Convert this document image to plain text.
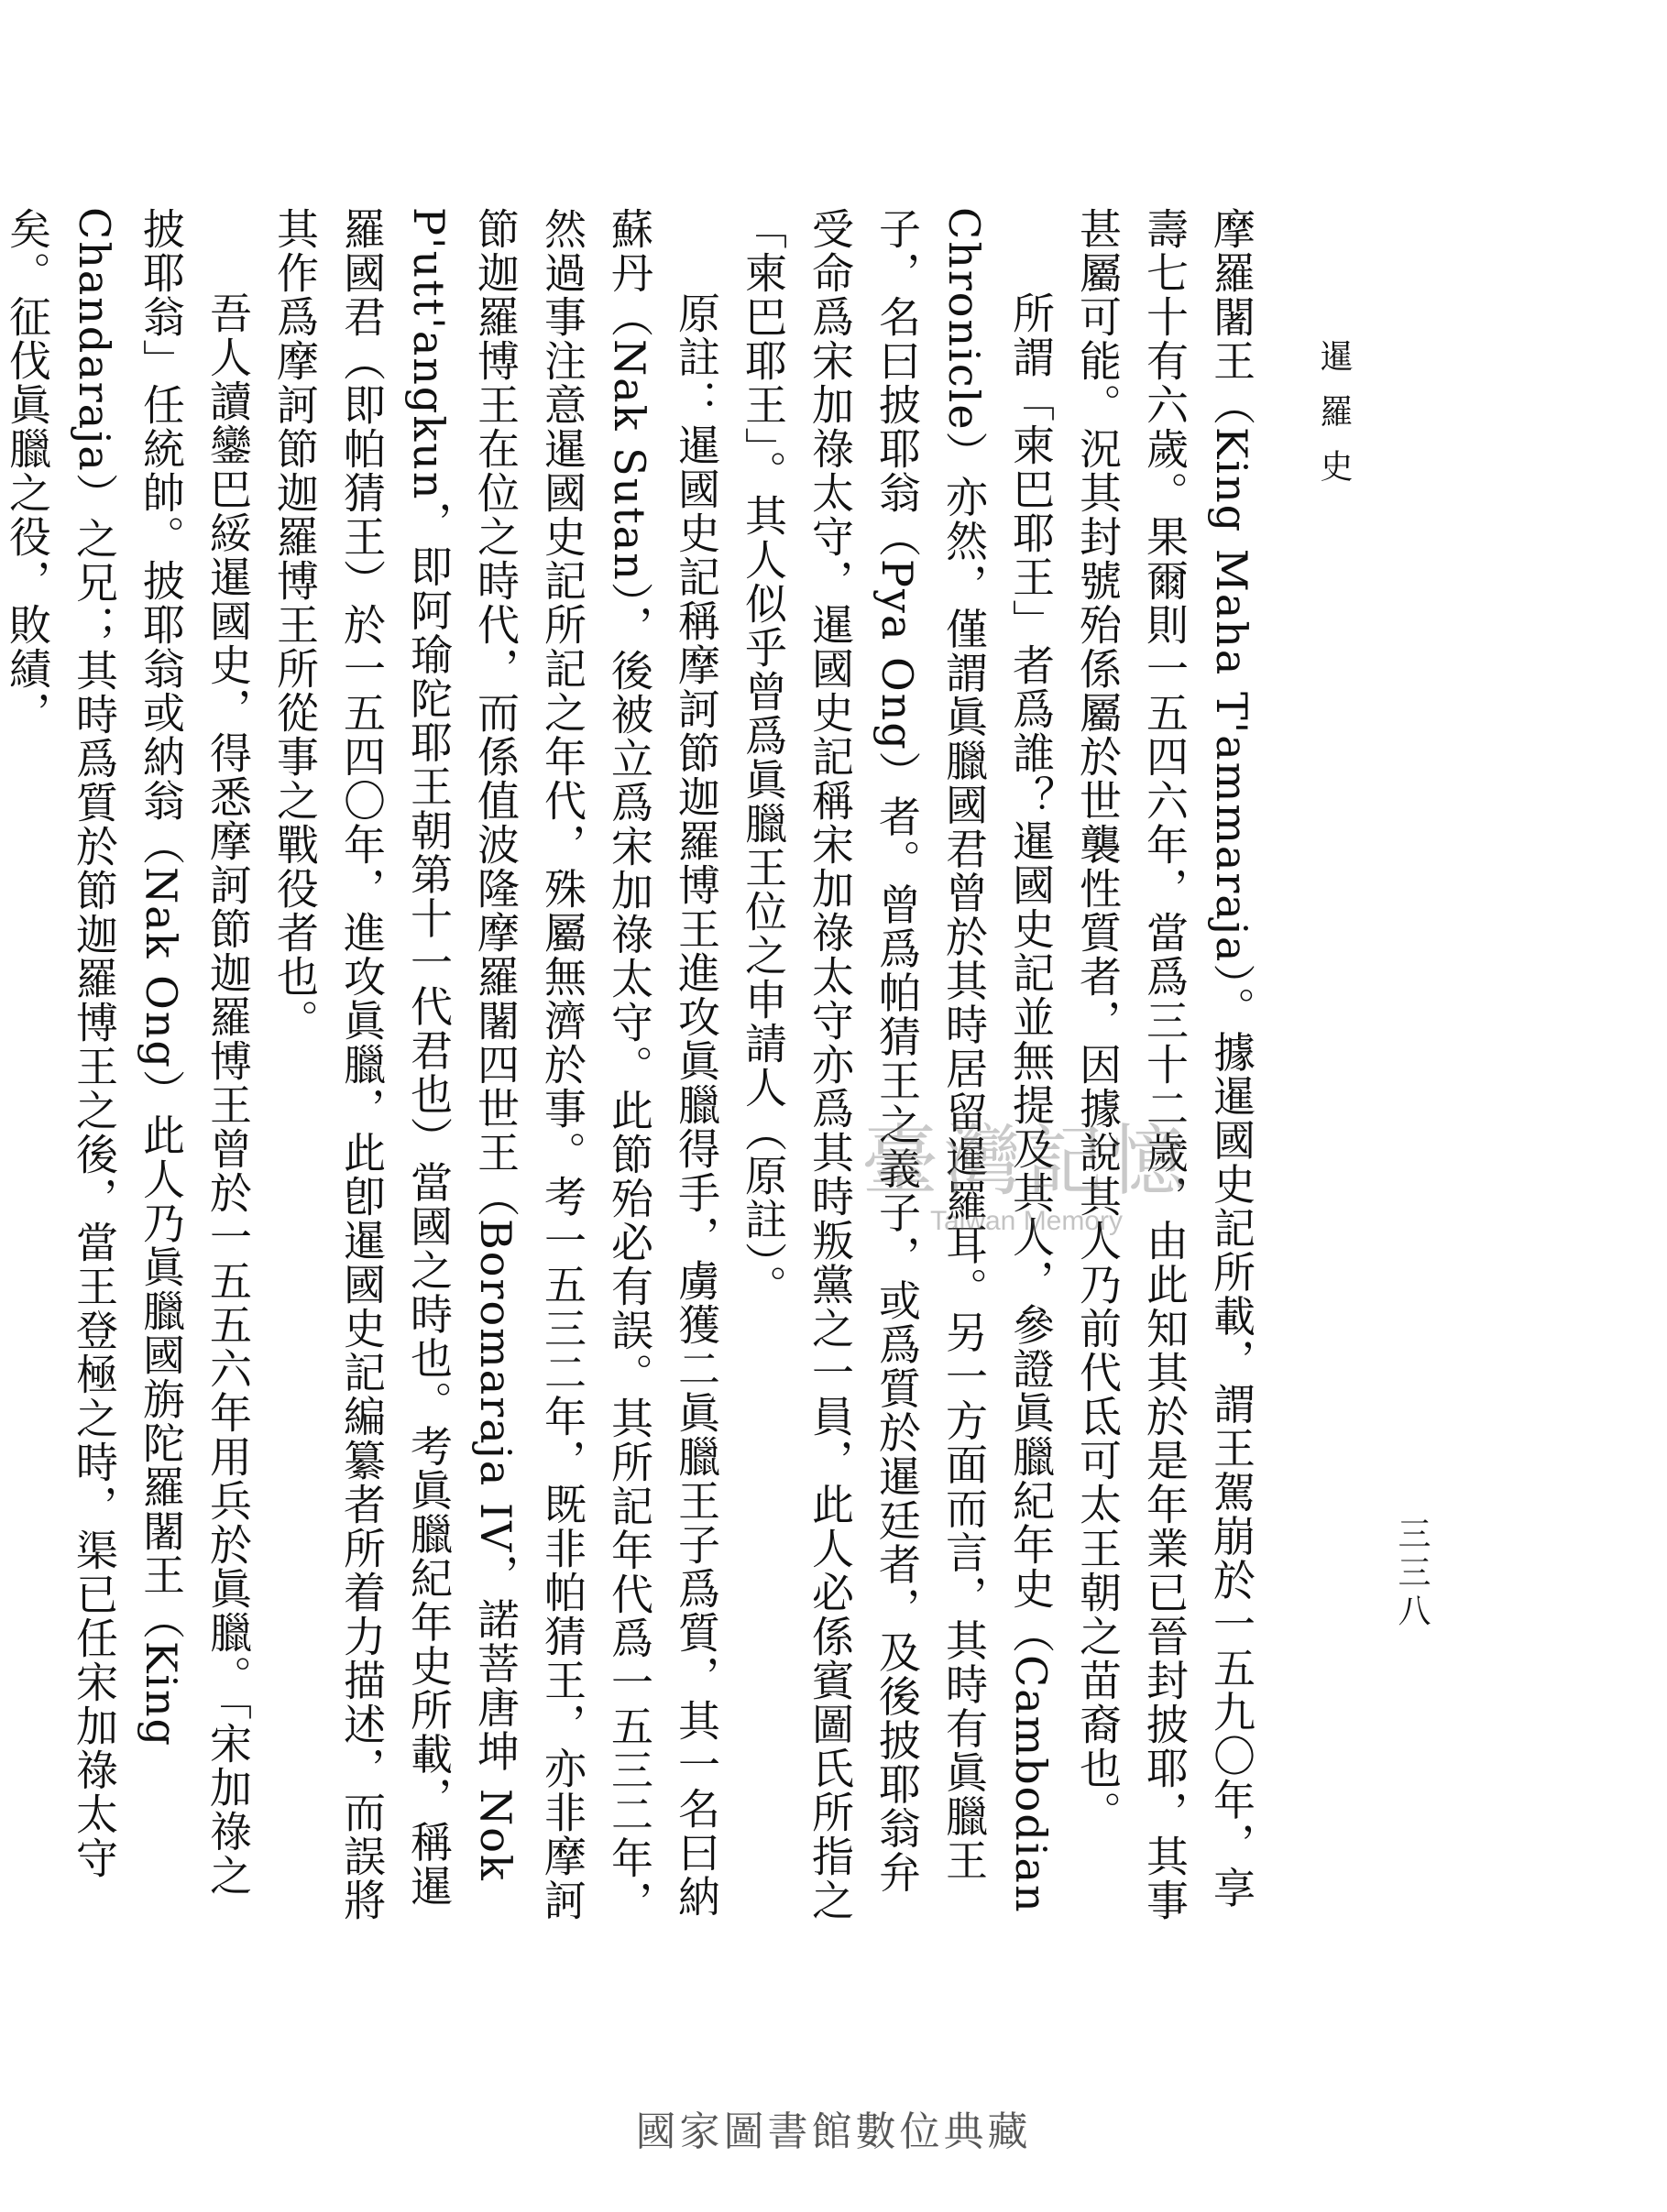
暹羅史
三三八

摩羅闍王（King Maha T'ammaraja）。據暹國史記所載，謂王駕崩於一五九〇年，享壽七十有六歲。果爾則一五四六年，當爲三十二歲，由此知其於是年業已晉封披耶，其事甚屬可能。況其封號殆係屬於世襲性質者，因據說其人乃前代氐可太王朝之苗裔也。

所謂「柬巴耶王」者爲誰？暹國史記並無提及其人，參證眞臘紀年史（Cambodian Chronicle）亦然，僅謂眞臘國君曾於其時居留暹羅耳。另一方面而言，其時有眞臘王子，名曰披耶翁（Pya Ong）者。曾爲帕猜王之義子，或爲質於暹廷者，及後披耶翁弁受命爲宋加祿太守，暹國史記稱宋加祿太守亦爲其時叛黨之一員，此人必係賓圖氏所指之「柬巴耶王」。其人似乎曾爲眞臘王位之申請人（原註）。

原註：暹國史記稱摩訶節迦羅博王進攻眞臘得手，虜獲二眞臘王子爲質，其一名曰納蘇丹（Nak Sutan），後被立爲宋加祿太守。此節殆必有誤。其所記年代爲一五三二年，然過事注意暹國史記所記之年代，殊屬無濟於事。考一五三二年，既非帕猜王，亦非摩訶節迦羅博王在位之時代，而係值波隆摩羅闍四世王（Boromaraja IV，諾菩唐坤 Nok P'utt'angkun，即阿瑜陀耶王朝第十一代君也）當國之時也。考眞臘紀年史所載，稱暹羅國君（即帕猜王）於一五四〇年，進攻眞臘，此卽暹國史記編纂者所着力描述，而誤將其作爲摩訶節迦羅博王所從事之戰役者也。

吾人讀鑾巴綏暹國史，得悉摩訶節迦羅博王曾於一五五六年用兵於眞臘。「宋加祿之披耶翁」任統帥。披耶翁或納翁（Nak Ong）此人乃眞臘國旃陀羅闍王（King Chandaraja）之兄；其時爲質於節迦羅博王之後，當王登極之時，渠已任宋加祿太守矣。征伐眞臘之役，敗績，

臺灣記憶
Taiwan Memory
國家圖書館數位典藏
